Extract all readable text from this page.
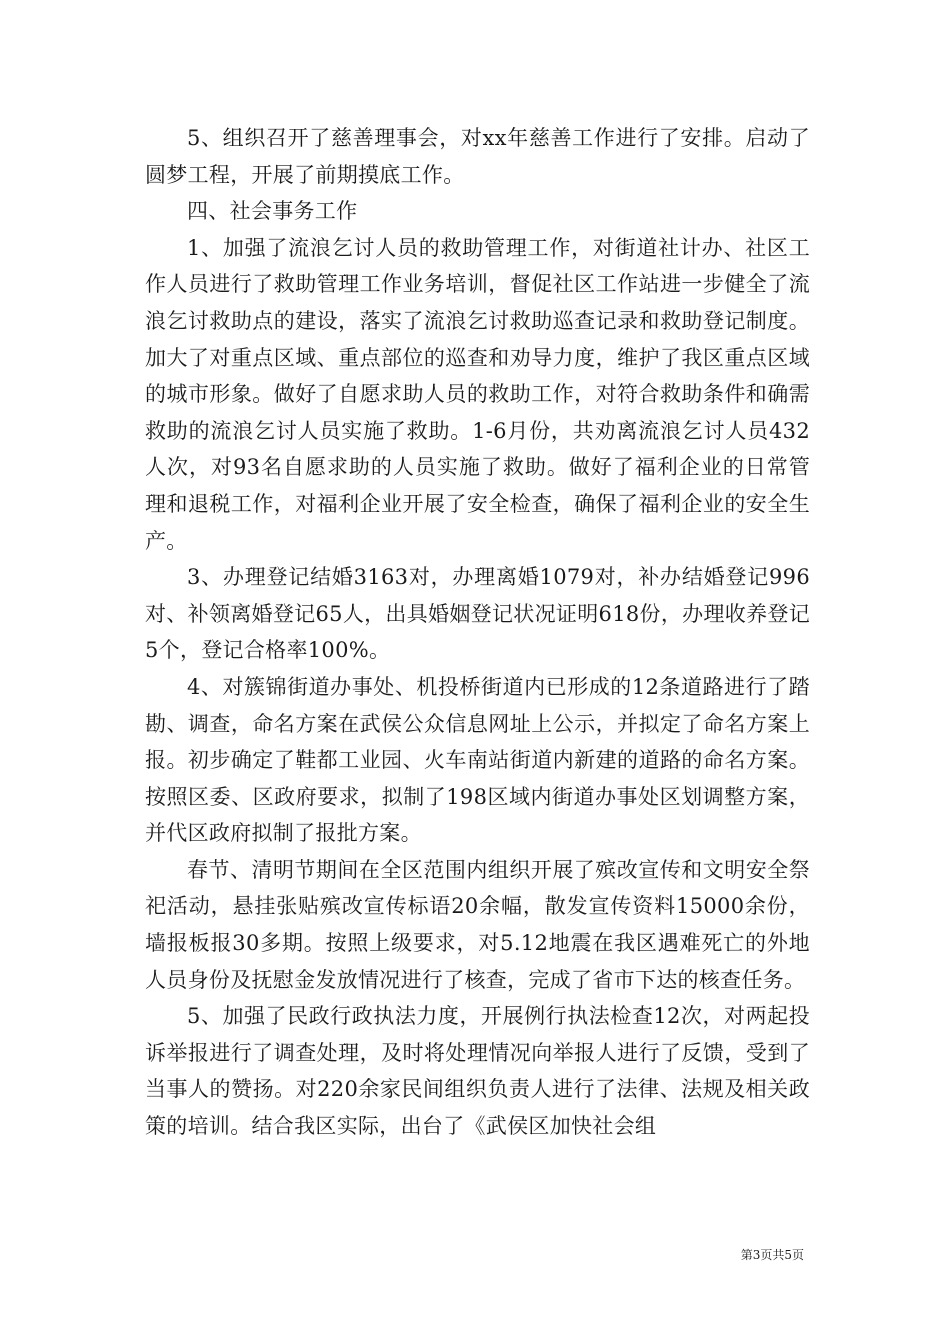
5、组织召开了慈善理事会，对xx年慈善工作进行了安排。启动了圆梦工程，开展了前期摸底工作。

四、社会事务工作

1、加强了流浪乞讨人员的救助管理工作，对街道社计办、社区工作人员进行了救助管理工作业务培训，督促社区工作站进一步健全了流浪乞讨救助点的建设，落实了流浪乞讨救助巡查记录和救助登记制度。加大了对重点区域、重点部位的巡查和劝导力度，维护了我区重点区域的城市形象。做好了自愿求助人员的救助工作，对符合救助条件和确需救助的流浪乞讨人员实施了救助。1-6月份，共劝离流浪乞讨人员432人次，对93名自愿求助的人员实施了救助。做好了福利企业的日常管理和退税工作，对福利企业开展了安全检查，确保了福利企业的安全生产。

3、办理登记结婚3163对，办理离婚1079对，补办结婚登记996对、补领离婚登记65人，出具婚姻登记状况证明618份，办理收养登记5个，登记合格率100%。

4、对簇锦街道办事处、机投桥街道内已形成的12条道路进行了踏勘、调查，命名方案在武侯公众信息网址上公示，并拟定了命名方案上报。初步确定了鞋都工业园、火车南站街道内新建的道路的命名方案。按照区委、区政府要求，拟制了198区域内街道办事处区划调整方案，并代区政府拟制了报批方案。

春节、清明节期间在全区范围内组织开展了殡改宣传和文明安全祭祀活动，悬挂张贴殡改宣传标语20余幅，散发宣传资料15000余份，墙报板报30多期。按照上级要求，对5.12地震在我区遇难死亡的外地人员身份及抚慰金发放情况进行了核查，完成了省市下达的核查任务。

5、加强了民政行政执法力度，开展例行执法检查12次，对两起投诉举报进行了调查处理，及时将处理情况向举报人进行了反馈，受到了当事人的赞扬。对220余家民间组织负责人进行了法律、法规及相关政策的培训。结合我区实际，出台了《武侯区加快社会组

第3页共5页
